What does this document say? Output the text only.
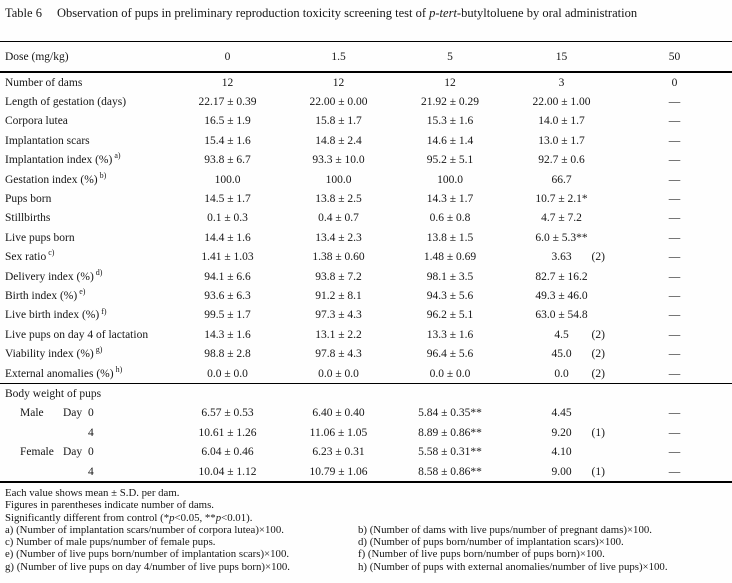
Table 6	Observation of pups in preliminary reproduction toxicity screening test of p-tert-butyltoluene by oral administration
Dose (mg/kg)	0	1.5	5	15	50
Number of dams	12	12	12	3	0
Length of gestation (days)	22.17 ± 0.39	22.00 ± 0.00	21.92 ± 0.29	22.00 ± 1.00	—
Corpora lutea	16.5 ± 1.9	15.8 ± 1.7	15.3 ± 1.6	14.0 ± 1.7	—
Implantation scars	15.4 ± 1.6	14.8 ± 2.4	14.6 ± 1.4	13.0 ± 1.7	—
Implantation index (%) $^{a)}$	93.8 ± 6.7	93.3 ± 10.0	95.2 ± 5.1	92.7 ± 0.6	—
Gestation index (%) $^{b)}$	100.0	100.0	100.0	66.7	—
Pups born	14.5 ± 1.7	13.8 ± 2.5	14.3 ± 1.7	10.7 ± 2.1*	—
Stillbirths	0.1 ± 0.3	0.4 ± 0.7	0.6 ± 0.8	4.7 ± 7.2	—
Live pups born	14.4 ± 1.6	13.4 ± 2.3	13.8 ± 1.5	6.0 ± 5.3**	—
Sex ratio $^{c)}$	1.41 ± 1.03	1.38 ± 0.60	1.48 ± 0.69	3.63 (2)	—
Delivery index (%) $^{d)}$	94.1 ± 6.6	93.8 ± 7.2	98.1 ± 3.5	82.7 ± 16.2	—
Birth index (%) $^{e)}$	93.6 ± 6.3	91.2 ± 8.1	94.3 ± 5.6	49.3 ± 46.0	—
Live birth index (%) $^{f)}$	99.5 ± 1.7	97.3 ± 4.3	96.2 ± 5.1	63.0 ± 54.8	—
Live pups on day 4 of lactation	14.3 ± 1.6	13.1 ± 2.2	13.3 ± 1.6	4.5 (2)	—
Viability index (%) $^{g)}$	98.8 ± 2.8	97.8 ± 4.3	96.4 ± 5.6	45.0 (2)	—
External anomalies (%) $^{h)}$	0.0 ± 0.0	0.0 ± 0.0	0.0 ± 0.0	0.0 (2)	—
Body weight of pups
Male Day 0	6.57 ± 0.53	6.40 ± 0.40	5.84 ± 0.35**	4.45	—
4	10.61 ± 1.26	11.06 ± 1.05	8.89 ± 0.86**	9.20 (1)	—
Female Day 0	6.04 ± 0.46	6.23 ± 0.31	5.58 ± 0.31**	4.10	—
4	10.04 ± 1.12	10.79 ± 1.06	8.58 ± 0.86**	9.00 (1)	—
Each value shows mean ± S.D. per dam.
Figures in parentheses indicate number of dams.
Significantly different from control (*p<0.05, **p<0.01).
a) (Number of implantation scars/number of corpora lutea)×100.	b) (Number of dams with live pups/number of pregnant dams)×100.
c) Number of male pups/number of female pups.	d) (Number of pups born/number of implantation scars)×100.
e) (Number of live pups born/number of implantation scars)×100.	f) (Number of live pups born/number of pups born)×100.
g) (Number of live pups on day 4/number of live pups born)×100.	h) (Number of pups with external anomalies/number of live pups)×100.
